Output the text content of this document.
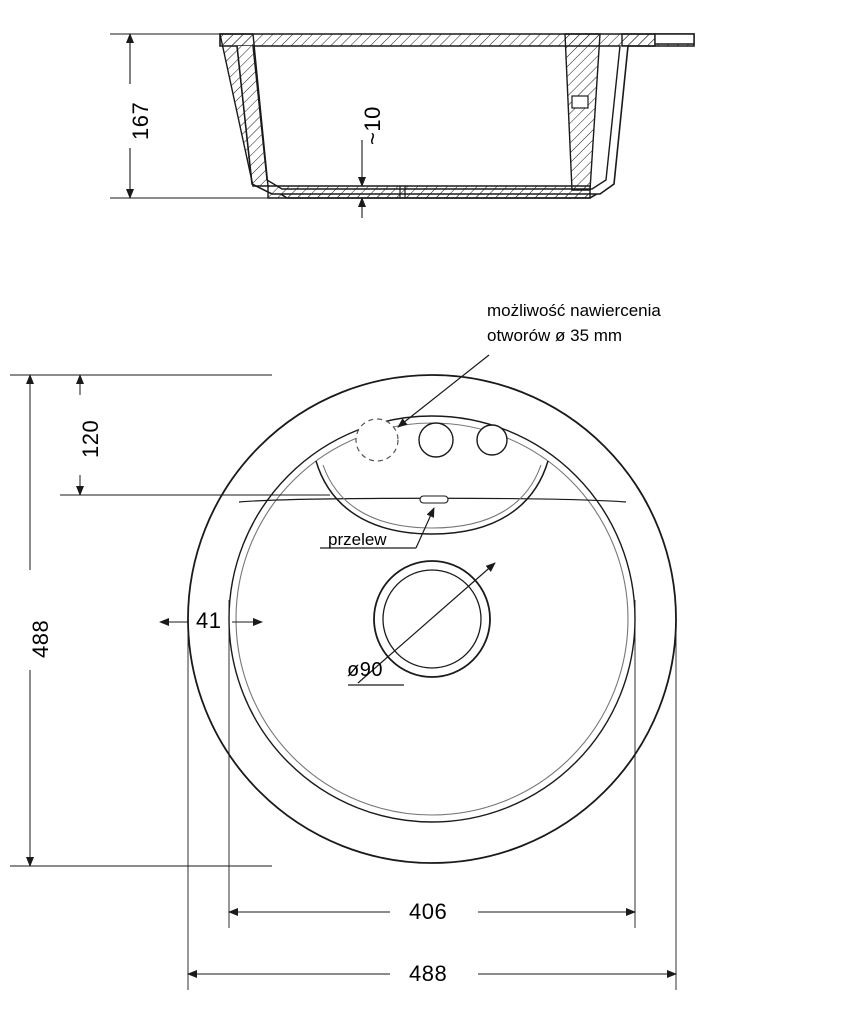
167	~10
możliwość nawiercenia
otworów ø 35 mm
przelew
488
120
41
ø90
406
488
